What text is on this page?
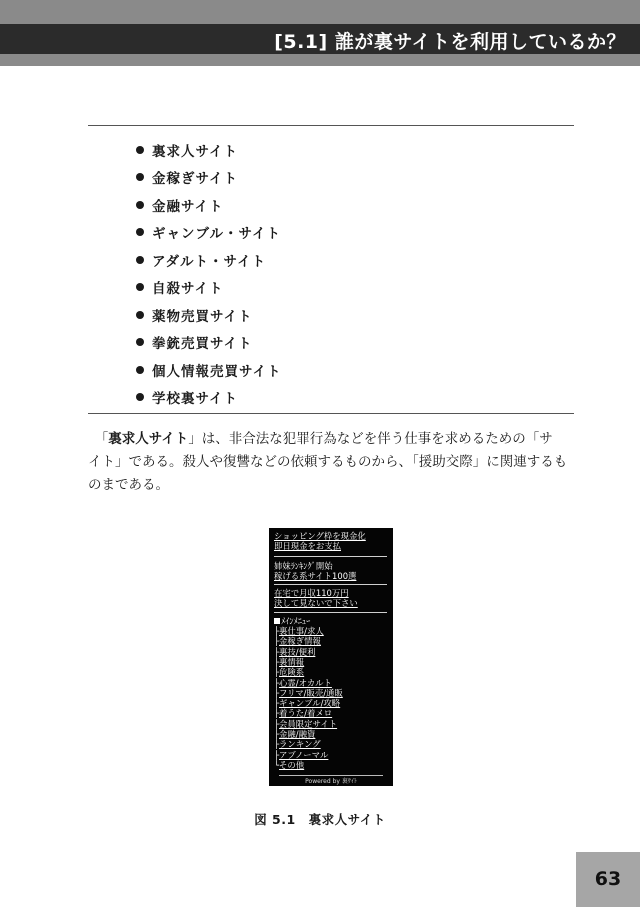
[5.1] 誰が裏サイトを利用しているか？
裏求人サイト
金稼ぎサイト
金融サイト
ギャンブル・サイト
アダルト・サイト
自殺サイト
薬物売買サイト
拳銃売買サイト
個人情報売買サイト
学校裏サイト
　「裏求人サイト」は、非合法な犯罪行為などを伴う仕事を求めるための「サ
イト」である。殺人や復讐などの依頼するものから、「援助交際」に関連するも
のまである。
ショッピング枠を現金化
即日現金をお支払
姉妹ﾗﾝｷﾝｸﾞ開始
稼げる系サイト100選
在宅で月収110万円
決して見ないで下さい
ﾒｲﾝﾒﾆｭｰ
├裏仕事/求人
├金稼ぎ情報
├裏技/便利
├裏情報
├危険系
├心霊/オカルト
├フリマ/販売/通販
├ギャンブル/攻略
├着うた/着メロ
├会員限定サイト
├金融/融資
├ランキング
├アブノーマル
└その他
Powered by 裏ｻｲﾄ
図 5.1　裏求人サイト
63
